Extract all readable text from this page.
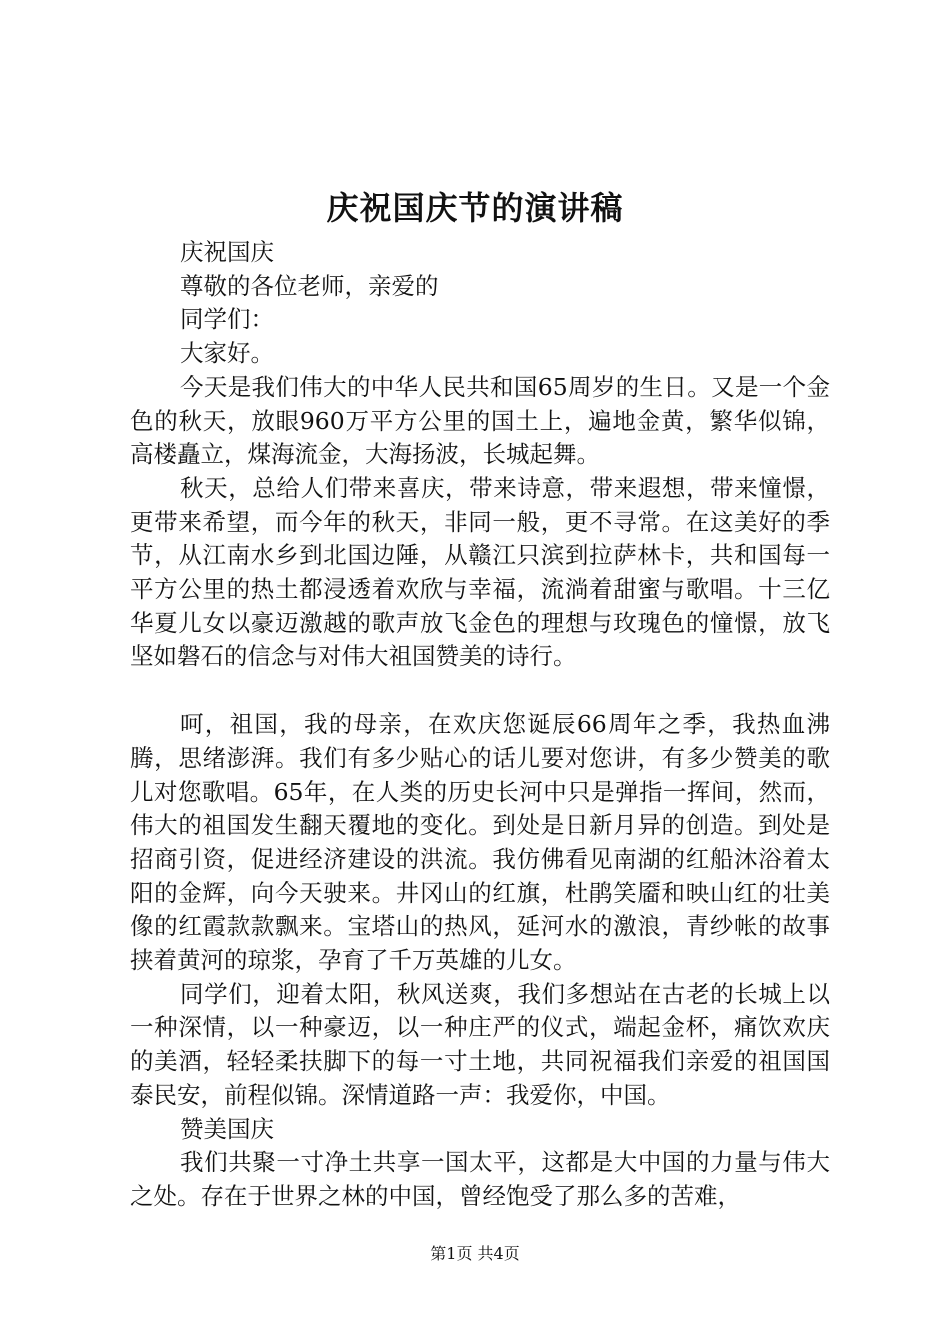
庆祝国庆节的演讲稿

庆祝国庆

尊敬的各位老师，亲爱的

同学们：

大家好。

今天是我们伟大的中华人民共和国65周岁的生日。又是一个金色的秋天，放眼960万平方公里的国土上，遍地金黄，繁华似锦，高楼矗立，煤海流金，大海扬波，长城起舞。

秋天，总给人们带来喜庆，带来诗意，带来遐想，带来憧憬，更带来希望，而今年的秋天，非同一般，更不寻常。在这美好的季节，从江南水乡到北国边陲，从赣江只滨到拉萨林卡，共和国每一平方公里的热土都浸透着欢欣与幸福，流淌着甜蜜与歌唱。十三亿华夏儿女以豪迈激越的歌声放飞金色的理想与玫瑰色的憧憬，放飞坚如磐石的信念与对伟大祖国赞美的诗行。

呵，祖国，我的母亲，在欢庆您诞辰66周年之季，我热血沸腾，思绪澎湃。我们有多少贴心的话儿要对您讲，有多少赞美的歌儿对您歌唱。65年，在人类的历史长河中只是弹指一挥间，然而，伟大的祖国发生翻天覆地的变化。到处是日新月异的创造。到处是招商引资，促进经济建设的洪流。我仿佛看见南湖的红船沐浴着太阳的金辉，向今天驶来。井冈山的红旗，杜鹃笑靥和映山红的壮美像的红霞款款飘来。宝塔山的热风，延河水的激浪，青纱帐的故事挟着黄河的琼浆，孕育了千万英雄的儿女。

同学们，迎着太阳，秋风送爽，我们多想站在古老的长城上以一种深情，以一种豪迈，以一种庄严的仪式，端起金杯，痛饮欢庆的美酒，轻轻柔扶脚下的每一寸土地，共同祝福我们亲爱的祖国国泰民安，前程似锦。深情道路一声：我爱你，中国。

赞美国庆

我们共聚一寸净土共享一国太平，这都是大中国的力量与伟大之处。存在于世界之林的中国，曾经饱受了那么多的苦难，

第1页 共4页
